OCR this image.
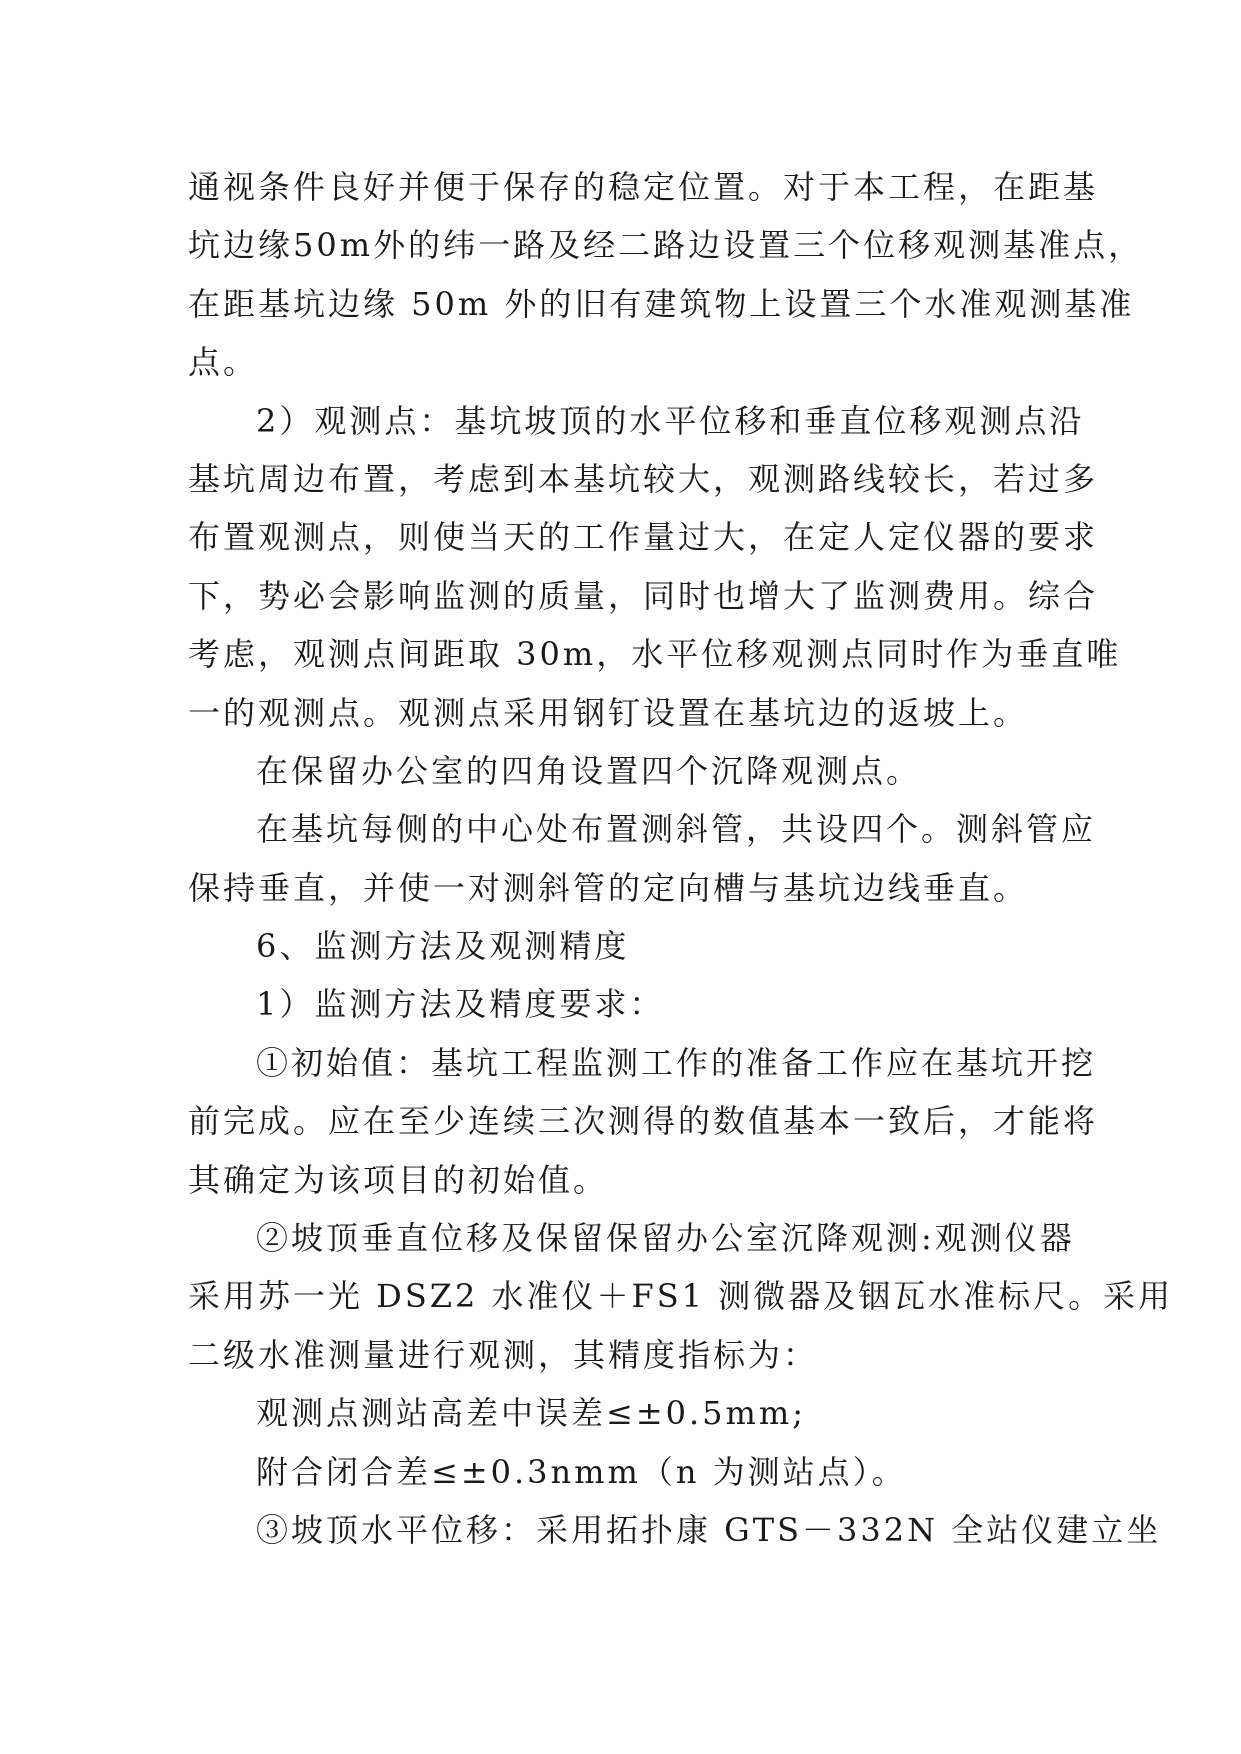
通视条件良好并便于保存的稳定位置。对于本工程，在距基
坑边缘50m外的纬一路及经二路边设置三个位移观测基准点，
在距基坑边缘 50m 外的旧有建筑物上设置三个水准观测基准
点。
2）观测点：基坑坡顶的水平位移和垂直位移观测点沿
基坑周边布置，考虑到本基坑较大，观测路线较长，若过多
布置观测点，则使当天的工作量过大，在定人定仪器的要求
下，势必会影响监测的质量，同时也增大了监测费用。综合
考虑，观测点间距取 30m，水平位移观测点同时作为垂直唯
一的观测点。观测点采用钢钉设置在基坑边的返坡上。
在保留办公室的四角设置四个沉降观测点。
在基坑每侧的中心处布置测斜管，共设四个。测斜管应
保持垂直，并使一对测斜管的定向槽与基坑边线垂直。
6、监测方法及观测精度
1）监测方法及精度要求：
①初始值：基坑工程监测工作的准备工作应在基坑开挖
前完成。应在至少连续三次测得的数值基本一致后，才能将
其确定为该项目的初始值。
②坡顶垂直位移及保留保留办公室沉降观测:观测仪器
采用苏一光 DSZ2 水准仪＋FS1 测微器及铟瓦水准标尺。采用
二级水准测量进行观测，其精度指标为：
观测点测站高差中误差≤±0.5mm;
附合闭合差≤±0.3nmm（n 为测站点）。
③坡顶水平位移：采用拓扑康 GTS－332N 全站仪建立坐
